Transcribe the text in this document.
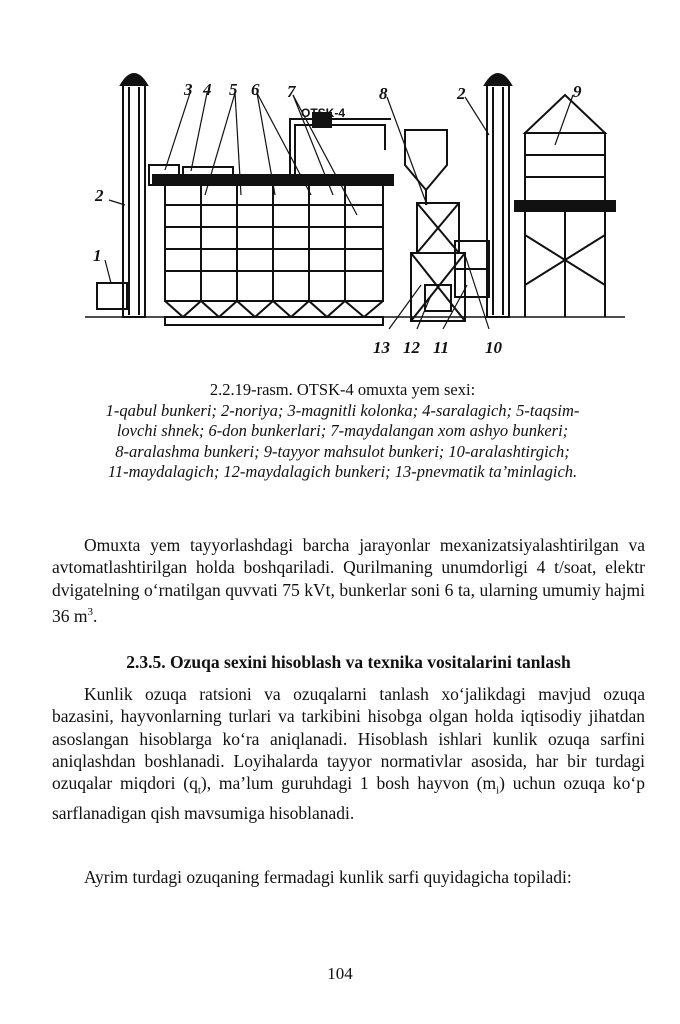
3 4 5 6 7	8	2	9
2
1
13 12 11 10
OTSK-4
2.2.19-rasm. OTSK-4 omuxta yem sexi:
1-qabul bunkeri; 2-noriya; 3-magnitli kolonka; 4-saralagich; 5-taqsim-
lovchi shnek; 6-don bunkerlari; 7-maydalangan xom ashyo bunkeri;
8-aralashma bunkeri; 9-tayyor mahsulot bunkeri; 10-aralashtirgich;
11-maydalagich; 12-maydalagich bunkeri; 13-pnevmatik ta’minlagich.
Omuxta yem tayyorlashdagi barcha jarayonlar mexanizatsiyalashtirilgan va avtomatlashtirilgan holda boshqariladi. Qurilmaning unumdorligi 4 t/soat, elektr dvigatelning o‘rnatilgan quvvati 75 kVt, bunkerlar soni 6 ta, ularning umumiy hajmi 36 $m^3$.
2.3.5. Ozuqa sexini hisoblash va texnika vositalarini tanlash
Kunlik ozuqa ratsioni va ozuqalarni tanlash xo‘jalikdagi mavjud ozuqa bazasini, hayvonlarning turlari va tarkibini hisobga olgan holda iqtisodiy jihatdan asoslangan hisoblarga ko‘ra aniqlanadi. Hisoblash ishlari kunlik ozuqa sarfini aniqlashdan boshlanadi. Loyihalarda tayyor normativlar asosida, har bir turdagi ozuqalar miqdori $(q_t)$, ma’lum guruhdagi 1 bosh hayvon $(m_i)$ uchun ozuqa ko‘p sarflanadigan qish mavsumiga hisoblanadi.
Ayrim turdagi ozuqaning fermadagi kunlik sarfi quyidagicha topiladi:
104
